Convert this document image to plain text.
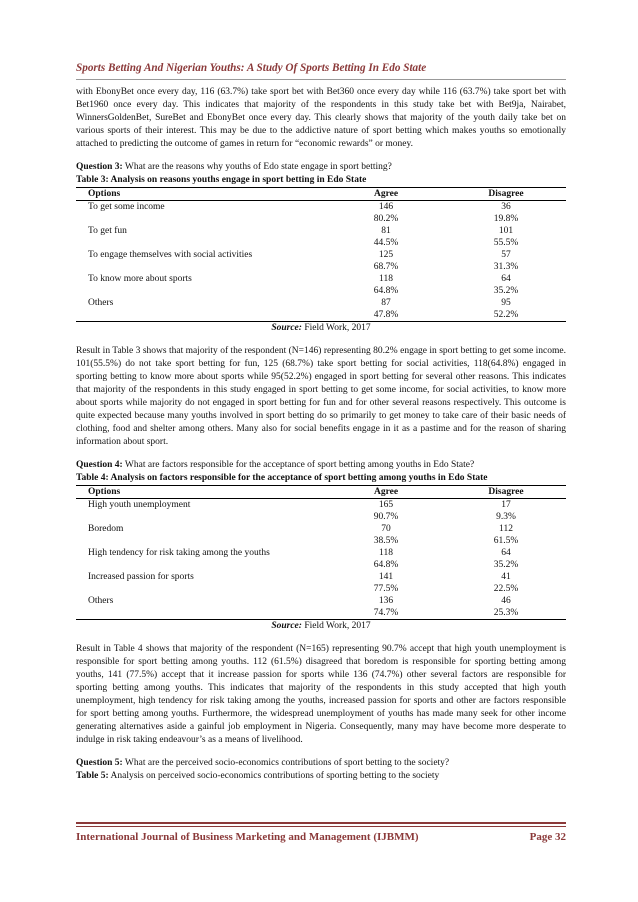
Sports Betting And Nigerian Youths: A Study Of Sports Betting In Edo State

with EbonyBet once every day, 116 (63.7%) take sport bet with Bet360 once every day while 116 (63.7%) take sport bet with Bet1960 once every day. This indicates that majority of the respondents in this study take bet with Bet9ja, Nairabet, WinnersGoldenBet, SureBet and EbonyBet once every day. This clearly shows that majority of the youth daily take bet on various sports of their interest. This may be due to the addictive nature of sport betting which makes youths so emotionally attached to predicting the outcome of games in return for “economic rewards” or money.

Question 3: What are the reasons why youths of Edo state engage in sport betting?

Table 3: Analysis on reasons youths engage in sport betting in Edo State

Options	Agree	Disagree
To get some income	146	36
	80.2%	19.8%
To get fun	81	101
	44.5%	55.5%
To engage themselves with social activities	125	57
	68.7%	31.3%
To know more about sports	118	64
	64.8%	35.2%
Others	87	95
	47.8%	52.2%
Source: Field Work, 2017

Result in Table 3 shows that majority of the respondent (N=146) representing 80.2% engage in sport betting to get some income. 101(55.5%) do not take sport betting for fun, 125 (68.7%) take sport betting for social activities, 118(64.8%) engaged in sporting betting to know more about sports while 95(52.2%) engaged in sport betting for several other reasons. This indicates that majority of the respondents in this study engaged in sport betting to get some income, for social activities, to know more about sports while majority do not engaged in sport betting for fun and for other several reasons respectively. This outcome is quite expected because many youths involved in sport betting do so primarily to get money to take care of their basic needs of clothing, food and shelter among others. Many also for social benefits engage in it as a pastime and for the reason of sharing information about sport.

Question 4: What are factors responsible for the acceptance of sport betting among youths in Edo State?

Table 4: Analysis on factors responsible for the acceptance of sport betting among youths in Edo State

Options	Agree	Disagree
High youth unemployment	165	17
	90.7%	9.3%
Boredom	70	112
	38.5%	61.5%
High tendency for risk taking among the youths	118	64
	64.8%	35.2%
Increased passion for sports	141	41
	77.5%	22.5%
Others	136	46
	74.7%	25.3%
Source: Field Work, 2017

Result in Table 4 shows that majority of the respondent (N=165) representing 90.7% accept that high youth unemployment is responsible for sport betting among youths. 112 (61.5%) disagreed that boredom is responsible for sporting betting among youths, 141 (77.5%) accept that it increase passion for sports while 136 (74.7%) other several factors are responsible for sporting betting among youths. This indicates that majority of the respondents in this study accepted that high youth unemployment, high tendency for risk taking among the youths, increased passion for sports and other are factors responsible for sport betting among youths. Furthermore, the widespread unemployment of youths has made many seek for other income generating alternatives aside a gainful job employment in Nigeria. Consequently, many may have become more desperate to indulge in risk taking endeavour’s as a means of livelihood.

Question 5: What are the perceived socio-economics contributions of sport betting to the society?

Table 5: Analysis on perceived socio-economics contributions of sporting betting to the society

International Journal of Business Marketing and Management (IJBMM)	Page 32
